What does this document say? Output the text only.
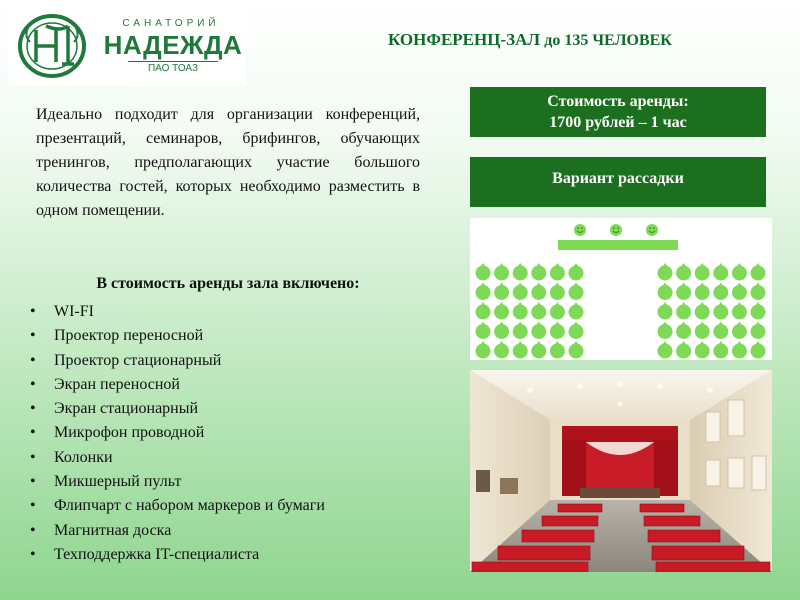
САНАТОРИЙ
НАДЕЖДА
ПАО ТОАЗ
КОНФЕРЕНЦ-ЗАЛ до 135 ЧЕЛОВЕК
Идеально подходит для организации конференций, презентаций, семинаров, брифингов, обучающих тренингов, предполагающих участие большого количества гостей, которых необходимо разместить в одном помещении.
В стоимость аренды зала включено:
• WI-FI
• Проектор переносной
• Проектор стационарный
• Экран переносной
• Экран стационарный
• Микрофон проводной
• Колонки
• Микшерный пульт
• Флипчарт с набором маркеров и бумаги
• Магнитная доска
• Техподдержка IT-специалиста
Стоимость аренды:
1700 рублей – 1 час
Вариант рассадки
